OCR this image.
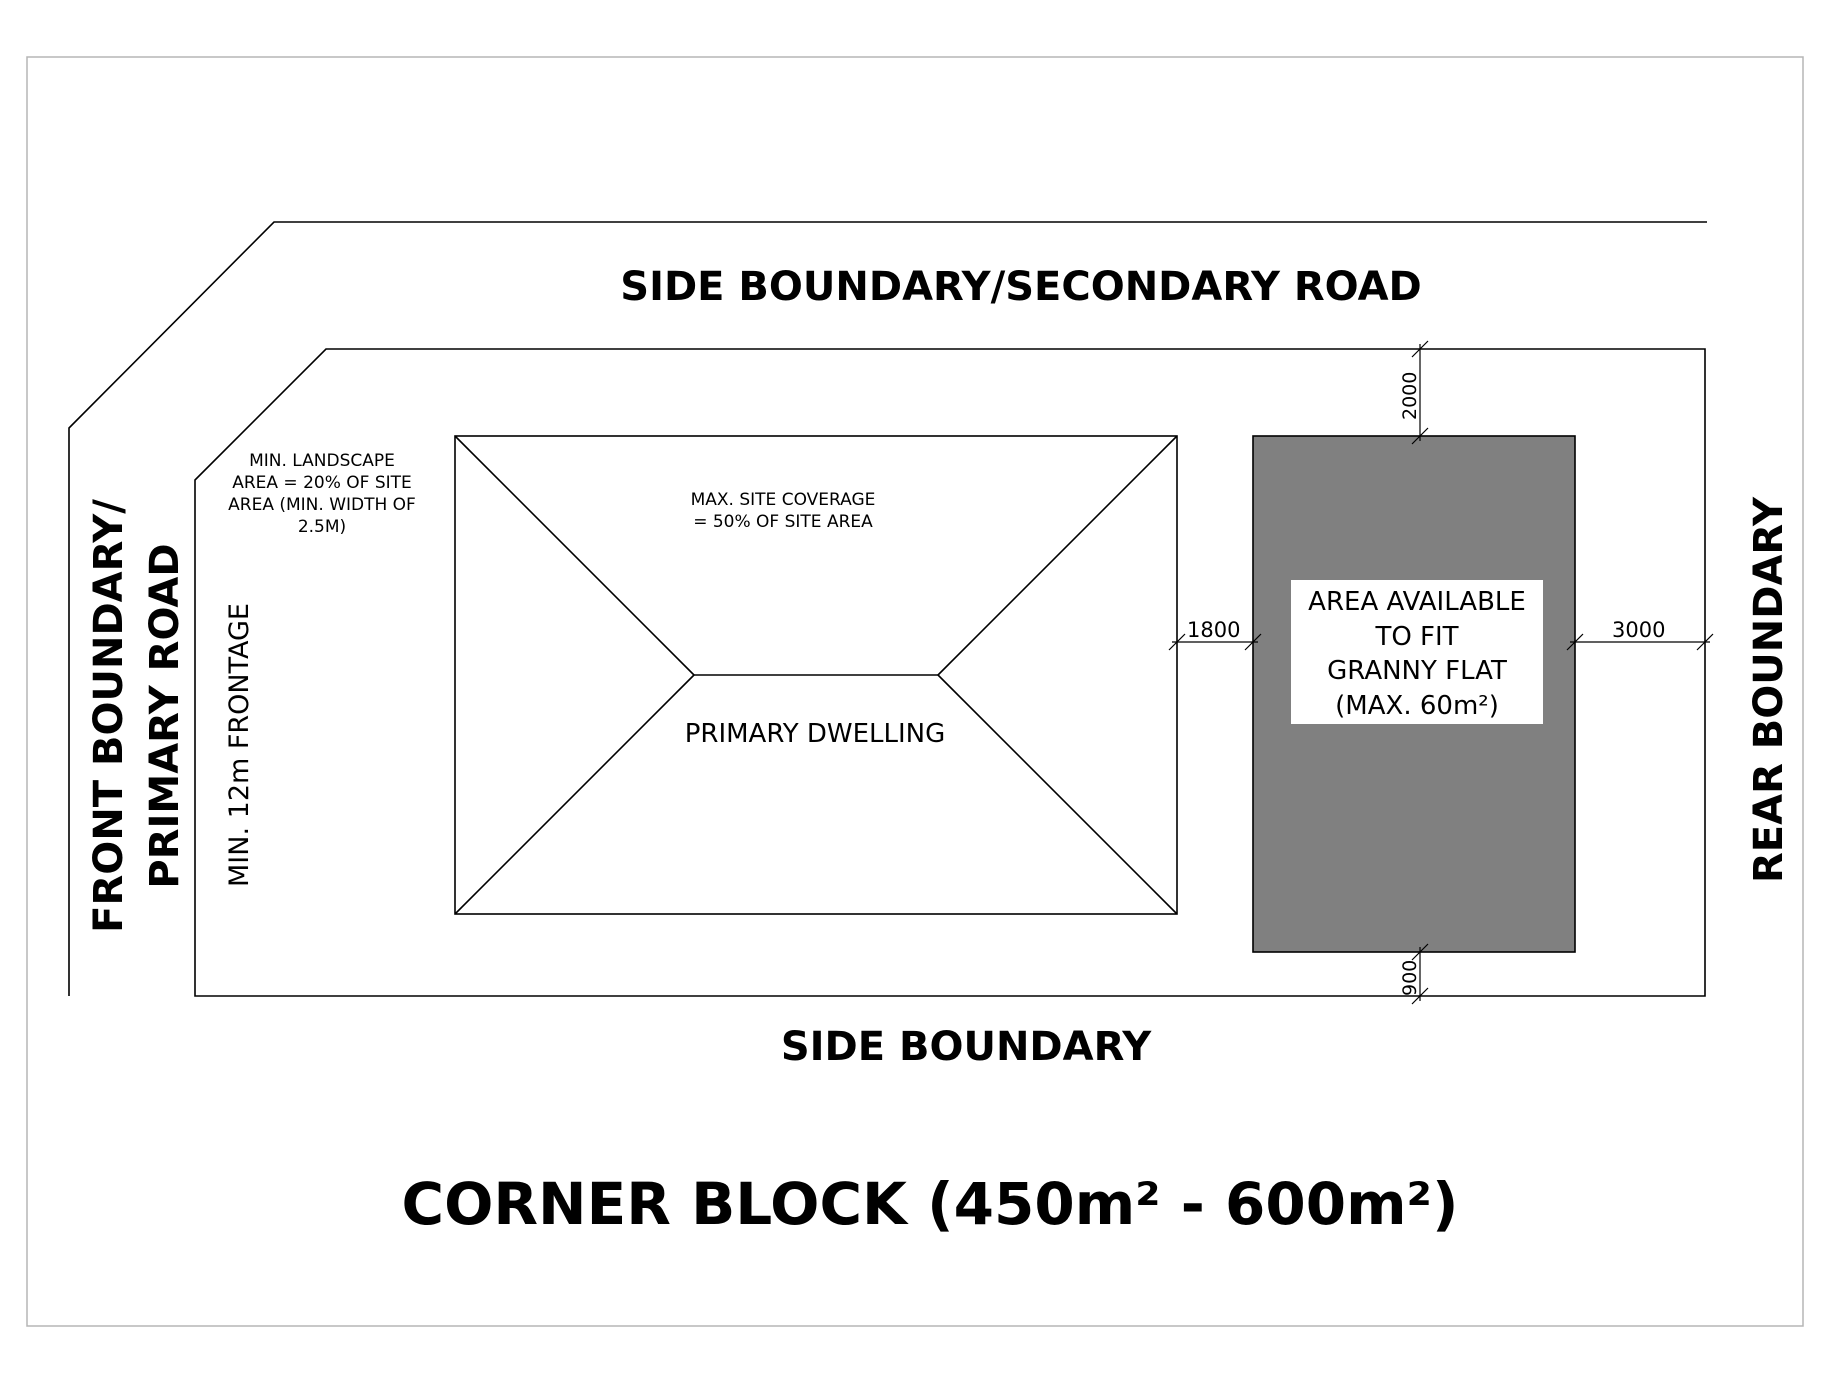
2000
900
1800	3000
SIDE BOUNDARY/SECONDARY ROAD
SIDE BOUNDARY
REAR BOUNDARY
FRONT BOUNDARY/ PRIMARY ROAD MIN. 12m FRONTAGE
MIN. LANDSCAPE
AREA = 20% OF SITE
AREA (MIN. WIDTH OF
2.5M)
MAX. SITE COVERAGE
= 50% OF SITE AREA
PRIMARY DWELLING
AREA AVAILABLE
TO FIT
GRANNY FLAT
(MAX. 60m²)
CORNER BLOCK (450m² - 600m²)
